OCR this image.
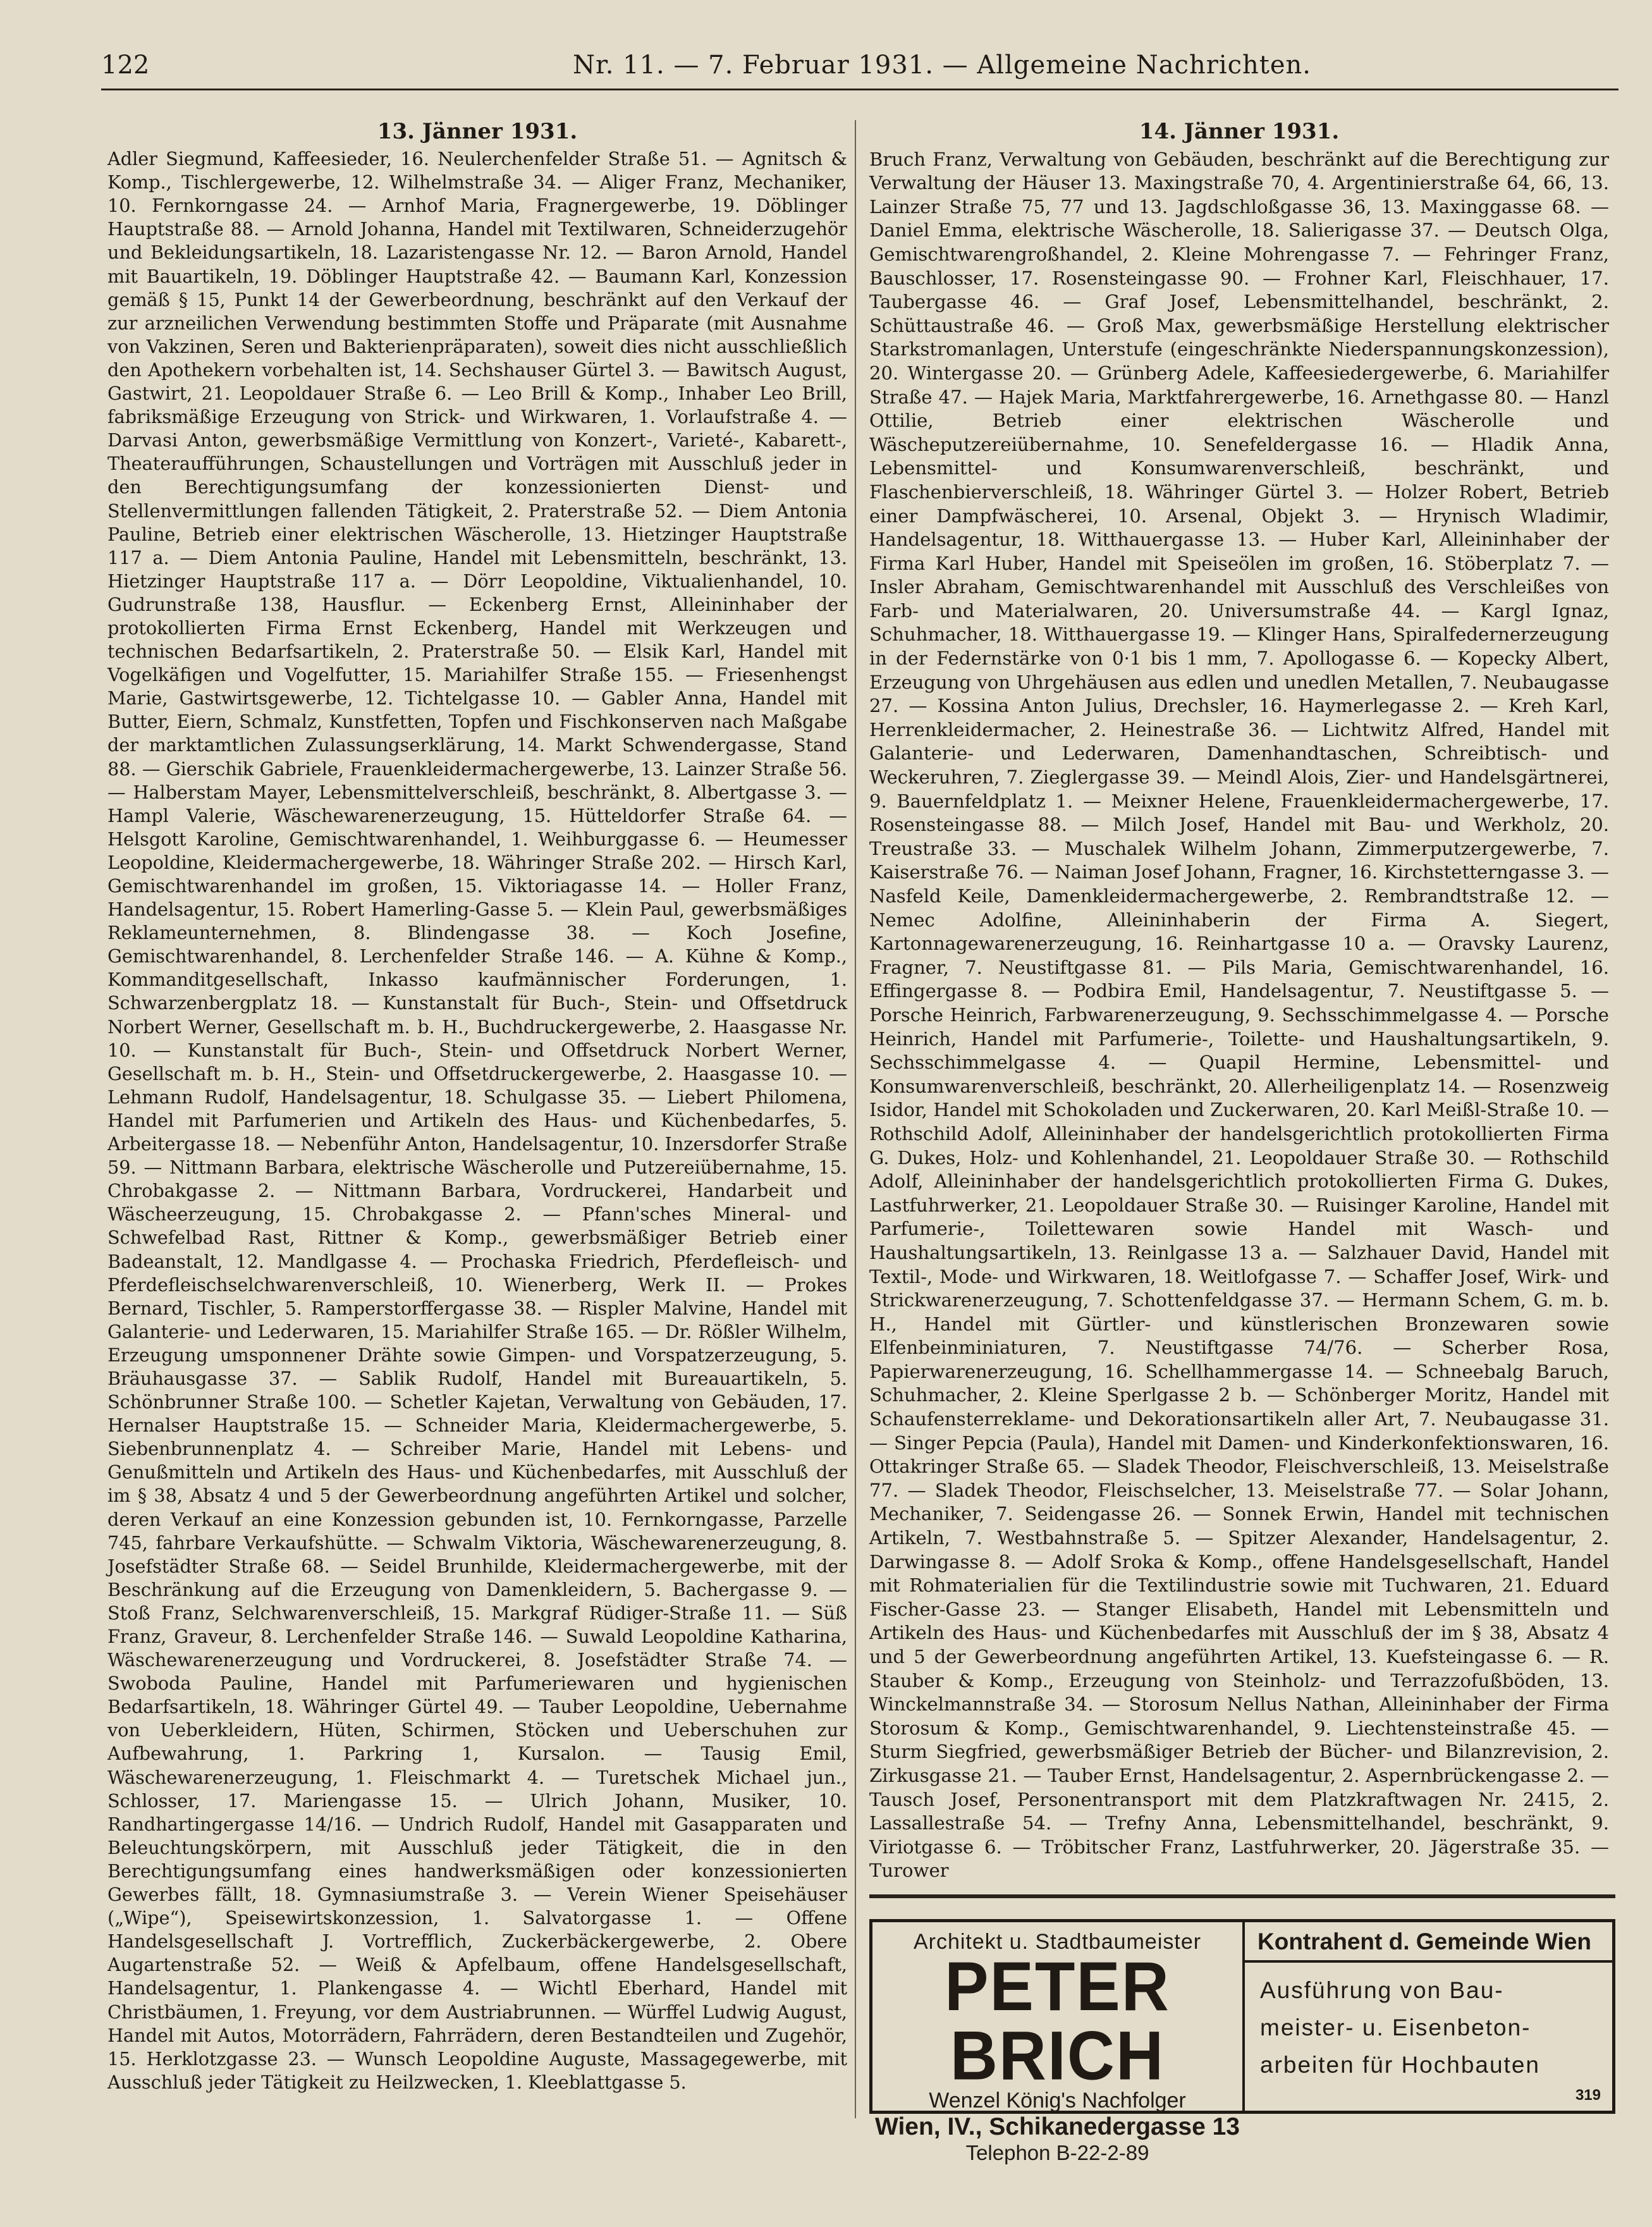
122	Nr. 11. — 7. Februar 1931. — Allgemeine Nachrichten.
13. Jänner 1931.

Adler Siegmund, Kaffeesieder, 16. Neulerchenfelder Straße 51. — Agnitsch & Komp., Tischlergewerbe, 12. Wilhelmstraße 34. — Aliger Franz, Mechaniker, 10. Fernkorngasse 24. — Arnhof Maria, Fragnergewerbe, 19. Döblinger Hauptstraße 88. — Arnold Johanna, Handel mit Textilwaren, Schneiderzugehör und Bekleidungsartikeln, 18. Lazaristengasse Nr. 12. — Baron Arnold, Handel mit Bauartikeln, 19. Döblinger Hauptstraße 42. — Baumann Karl, Konzession gemäß § 15, Punkt 14 der Gewerbeordnung, beschränkt auf den Verkauf der zur arzneilichen Verwendung bestimmten Stoffe und Präparate (mit Ausnahme von Vakzinen, Seren und Bakterienpräparaten), soweit dies nicht ausschließlich den Apothekern vorbehalten ist, 14. Sechshauser Gürtel 3. — Bawitsch August, Gastwirt, 21. Leopoldauer Straße 6. — Leo Brill & Komp., Inhaber Leo Brill, fabriksmäßige Erzeugung von Strick- und Wirkwaren, 1. Vorlaufstraße 4. — Darvasi Anton, gewerbsmäßige Vermittlung von Konzert-, Varieté-, Kabarett-, Theateraufführungen, Schaustellungen und Vorträgen mit Ausschluß jeder in den Berechtigungsumfang der konzessionierten Dienst- und Stellenvermittlungen fallenden Tätigkeit, 2. Praterstraße 52. — Diem Antonia Pauline, Betrieb einer elektrischen Wäscherolle, 13. Hietzinger Hauptstraße 117 a. — Diem Antonia Pauline, Handel mit Lebensmitteln, beschränkt, 13. Hietzinger Hauptstraße 117 a. — Dörr Leopoldine, Viktualienhandel, 10. Gudrunstraße 138, Hausflur. — Eckenberg Ernst, Alleininhaber der protokollierten Firma Ernst Eckenberg, Handel mit Werkzeugen und technischen Bedarfsartikeln, 2. Praterstraße 50. — Elsik Karl, Handel mit Vogelkäfigen und Vogelfutter, 15. Mariahilfer Straße 155. — Friesenhengst Marie, Gastwirtsgewerbe, 12. Tichtelgasse 10. — Gabler Anna, Handel mit Butter, Eiern, Schmalz, Kunstfetten, Topfen und Fischkonserven nach Maßgabe der marktamtlichen Zulassungserklärung, 14. Markt Schwendergasse, Stand 88. — Gierschik Gabriele, Frauenkleidermachergewerbe, 13. Lainzer Straße 56. — Halberstam Mayer, Lebensmittelverschleiß, beschränkt, 8. Albertgasse 3. — Hampl Valerie, Wäschewarenerzeugung, 15. Hütteldorfer Straße 64. — Helsgott Karoline, Gemischtwarenhandel, 1. Weihburggasse 6. — Heumesser Leopoldine, Kleidermachergewerbe, 18. Währinger Straße 202. — Hirsch Karl, Gemischtwarenhandel im großen, 15. Viktoriagasse 14. — Holler Franz, Handelsagentur, 15. Robert Hamerling-Gasse 5. — Klein Paul, gewerbsmäßiges Reklameunternehmen, 8. Blindengasse 38. — Koch Josefine, Gemischtwarenhandel, 8. Lerchenfelder Straße 146. — A. Kühne & Komp., Kommanditgesellschaft, Inkasso kaufmännischer Forderungen, 1. Schwarzenbergplatz 18. — Kunstanstalt für Buch-, Stein- und Offsetdruck Norbert Werner, Gesellschaft m. b. H., Buchdruckergewerbe, 2. Haasgasse Nr. 10. — Kunstanstalt für Buch-, Stein- und Offsetdruck Norbert Werner, Gesellschaft m. b. H., Stein- und Offsetdruckergewerbe, 2. Haasgasse 10. — Lehmann Rudolf, Handelsagentur, 18. Schulgasse 35. — Liebert Philomena, Handel mit Parfumerien und Artikeln des Haus- und Küchenbedarfes, 5. Arbeitergasse 18. — Nebenführ Anton, Handelsagentur, 10. Inzersdorfer Straße 59. — Nittmann Barbara, elektrische Wäscherolle und Putzereiübernahme, 15. Chrobakgasse 2. — Nittmann Barbara, Vordruckerei, Handarbeit und Wäscheerzeugung, 15. Chrobakgasse 2. — Pfann'sches Mineral- und Schwefelbad Rast, Rittner & Komp., gewerbsmäßiger Betrieb einer Badeanstalt, 12. Mandlgasse 4. — Prochaska Friedrich, Pferdefleisch- und Pferdefleischselchwarenverschleiß, 10. Wienerberg, Werk II. — Prokes Bernard, Tischler, 5. Ramperstorffergasse 38. — Rispler Malvine, Handel mit Galanterie- und Lederwaren, 15. Mariahilfer Straße 165. — Dr. Rößler Wilhelm, Erzeugung umsponnener Drähte sowie Gimpen- und Vorspatzerzeugung, 5. Bräuhausgasse 37. — Sablik Rudolf, Handel mit Bureauartikeln, 5. Schönbrunner Straße 100. — Schetler Kajetan, Verwaltung von Gebäuden, 17. Hernalser Hauptstraße 15. — Schneider Maria, Kleidermachergewerbe, 5. Siebenbrunnenplatz 4. — Schreiber Marie, Handel mit Lebens- und Genußmitteln und Artikeln des Haus- und Küchenbedarfes, mit Ausschluß der im § 38, Absatz 4 und 5 der Gewerbeordnung angeführten Artikel und solcher, deren Verkauf an eine Konzession gebunden ist, 10. Fernkorngasse, Parzelle 745, fahrbare Verkaufshütte. — Schwalm Viktoria, Wäschewarenerzeugung, 8. Josefstädter Straße 68. — Seidel Brunhilde, Kleidermachergewerbe, mit der Beschränkung auf die Erzeugung von Damenkleidern, 5. Bachergasse 9. — Stoß Franz, Selchwarenverschleiß, 15. Markgraf Rüdiger-Straße 11. — Süß Franz, Graveur, 8. Lerchenfelder Straße 146. — Suwald Leopoldine Katharina, Wäschewarenerzeugung und Vordruckerei, 8. Josefstädter Straße 74. — Swoboda Pauline, Handel mit Parfumeriewaren und hygienischen Bedarfsartikeln, 18. Währinger Gürtel 49. — Tauber Leopoldine, Uebernahme von Ueberkleidern, Hüten, Schirmen, Stöcken und Ueberschuhen zur Aufbewahrung, 1. Parkring 1, Kursalon. — Tausig Emil, Wäschewarenerzeugung, 1. Fleischmarkt 4. — Turetschek Michael jun., Schlosser, 17. Mariengasse 15. — Ulrich Johann, Musiker, 10. Randhartingergasse 14/16. — Undrich Rudolf, Handel mit Gasapparaten und Beleuchtungskörpern, mit Ausschluß jeder Tätigkeit, die in den Berechtigungsumfang eines handwerksmäßigen oder konzessionierten Gewerbes fällt, 18. Gymnasiumstraße 3. — Verein Wiener Speisehäuser („Wipe“), Speisewirtskonzession, 1. Salvatorgasse 1. — Offene Handelsgesellschaft J. Vortrefflich, Zuckerbäckergewerbe, 2. Obere Augartenstraße 52. — Weiß & Apfelbaum, offene Handelsgesellschaft, Handelsagentur, 1. Plankengasse 4. — Wichtl Eberhard, Handel mit Christbäumen, 1. Freyung, vor dem Austriabrunnen. — Würffel Ludwig August, Handel mit Autos, Motorrädern, Fahrrädern, deren Bestandteilen und Zugehör, 15. Herklotzgasse 23. — Wunsch Leopoldine Auguste, Massagegewerbe, mit Ausschluß jeder Tätigkeit zu Heilzwecken, 1. Kleeblattgasse 5.

14. Jänner 1931.

Bruch Franz, Verwaltung von Gebäuden, beschränkt auf die Berechtigung zur Verwaltung der Häuser 13. Maxingstraße 70, 4. Argentinierstraße 64, 66, 13. Lainzer Straße 75, 77 und 13. Jagdschloßgasse 36, 13. Maxinggasse 68. — Daniel Emma, elektrische Wäscherolle, 18. Salierigasse 37. — Deutsch Olga, Gemischtwarengroßhandel, 2. Kleine Mohrengasse 7. — Fehringer Franz, Bauschlosser, 17. Rosensteingasse 90. — Frohner Karl, Fleischhauer, 17. Taubergasse 46. — Graf Josef, Lebensmittelhandel, beschränkt, 2. Schüttaustraße 46. — Groß Max, gewerbsmäßige Herstellung elektrischer Starkstromanlagen, Unterstufe (eingeschränkte Niederspannungskonzession), 20. Wintergasse 20. — Grünberg Adele, Kaffeesiedergewerbe, 6. Mariahilfer Straße 47. — Hajek Maria, Marktfahrergewerbe, 16. Arnethgasse 80. — Hanzl Ottilie, Betrieb einer elektrischen Wäscherolle und Wäscheputzereiübernahme, 10. Senefeldergasse 16. — Hladik Anna, Lebensmittel- und Konsumwarenverschleiß, beschränkt, und Flaschenbierverschleiß, 18. Währinger Gürtel 3. — Holzer Robert, Betrieb einer Dampfwäscherei, 10. Arsenal, Objekt 3. — Hrynisch Wladimir, Handelsagentur, 18. Witthauergasse 13. — Huber Karl, Alleininhaber der Firma Karl Huber, Handel mit Speiseölen im großen, 16. Stöberplatz 7. — Insler Abraham, Gemischtwarenhandel mit Ausschluß des Verschleißes von Farb- und Materialwaren, 20. Universumstraße 44. — Kargl Ignaz, Schuhmacher, 18. Witthauergasse 19. — Klinger Hans, Spiralfedernerzeugung in der Federnstärke von 0·1 bis 1 mm, 7. Apollogasse 6. — Kopecky Albert, Erzeugung von Uhrgehäusen aus edlen und unedlen Metallen, 7. Neubaugasse 27. — Kossina Anton Julius, Drechsler, 16. Haymerlegasse 2. — Kreh Karl, Herrenkleidermacher, 2. Heinestraße 36. — Lichtwitz Alfred, Handel mit Galanterie- und Lederwaren, Damenhandtaschen, Schreibtisch- und Weckeruhren, 7. Zieglergasse 39. — Meindl Alois, Zier- und Handelsgärtnerei, 9. Bauernfeldplatz 1. — Meixner Helene, Frauenkleidermachergewerbe, 17. Rosensteingasse 88. — Milch Josef, Handel mit Bau- und Werkholz, 20. Treustraße 33. — Muschalek Wilhelm Johann, Zimmerputzergewerbe, 7. Kaiserstraße 76. — Naiman Josef Johann, Fragner, 16. Kirchstetterngasse 3. — Nasfeld Keile, Damenkleidermachergewerbe, 2. Rembrandtstraße 12. — Nemec Adolfine, Alleininhaberin der Firma A. Siegert, Kartonnagewarenerzeugung, 16. Reinhartgasse 10 a. — Oravsky Laurenz, Fragner, 7. Neustiftgasse 81. — Pils Maria, Gemischtwarenhandel, 16. Effingergasse 8. — Podbira Emil, Handelsagentur, 7. Neustiftgasse 5. — Porsche Heinrich, Farbwarenerzeugung, 9. Sechsschimmelgasse 4. — Porsche Heinrich, Handel mit Parfumerie-, Toilette- und Haushaltungsartikeln, 9. Sechsschimmelgasse 4. — Quapil Hermine, Lebensmittel- und Konsumwarenverschleiß, beschränkt, 20. Allerheiligenplatz 14. — Rosenzweig Isidor, Handel mit Schokoladen und Zuckerwaren, 20. Karl Meißl-Straße 10. — Rothschild Adolf, Alleininhaber der handelsgerichtlich protokollierten Firma G. Dukes, Holz- und Kohlenhandel, 21. Leopoldauer Straße 30. — Rothschild Adolf, Alleininhaber der handelsgerichtlich protokollierten Firma G. Dukes, Lastfuhrwerker, 21. Leopoldauer Straße 30. — Ruisinger Karoline, Handel mit Parfumerie-, Toilettewaren sowie Handel mit Wasch- und Haushaltungsartikeln, 13. Reinlgasse 13 a. — Salzhauer David, Handel mit Textil-, Mode- und Wirkwaren, 18. Weitlofgasse 7. — Schaffer Josef, Wirk- und Strickwarenerzeugung, 7. Schottenfeldgasse 37. — Hermann Schem, G. m. b. H., Handel mit Gürtler- und künstlerischen Bronzewaren sowie Elfenbeinminiaturen, 7. Neustiftgasse 74/76. — Scherber Rosa, Papierwarenerzeugung, 16. Schellhammergasse 14. — Schneebalg Baruch, Schuhmacher, 2. Kleine Sperlgasse 2 b. — Schönberger Moritz, Handel mit Schaufensterreklame- und Dekorationsartikeln aller Art, 7. Neubaugasse 31. — Singer Pepcia (Paula), Handel mit Damen- und Kinderkonfektionswaren, 16. Ottakringer Straße 65. — Sladek Theodor, Fleischverschleiß, 13. Meiselstraße 77. — Sladek Theodor, Fleischselcher, 13. Meiselstraße 77. — Solar Johann, Mechaniker, 7. Seidengasse 26. — Sonnek Erwin, Handel mit technischen Artikeln, 7. Westbahnstraße 5. — Spitzer Alexander, Handelsagentur, 2. Darwingasse 8. — Adolf Sroka & Komp., offene Handelsgesellschaft, Handel mit Rohmaterialien für die Textilindustrie sowie mit Tuchwaren, 21. Eduard Fischer-Gasse 23. — Stanger Elisabeth, Handel mit Lebensmitteln und Artikeln des Haus- und Küchenbedarfes mit Ausschluß der im § 38, Absatz 4 und 5 der Gewerbeordnung angeführten Artikel, 13. Kuefsteingasse 6. — R. Stauber & Komp., Erzeugung von Steinholz- und Terrazzofußböden, 13. Winckelmannstraße 34. — Storosum Nellus Nathan, Alleininhaber der Firma Storosum & Komp., Gemischtwarenhandel, 9. Liechtensteinstraße 45. — Sturm Siegfried, gewerbsmäßiger Betrieb der Bücher- und Bilanzrevision, 2. Zirkusgasse 21. — Tauber Ernst, Handelsagentur, 2. Aspernbrückengasse 2. — Tausch Josef, Personentransport mit dem Platzkraftwagen Nr. 2415, 2. Lassallestraße 54. — Trefny Anna, Lebensmittelhandel, beschränkt, 9. Viriotgasse 6. — Tröbitscher Franz, Lastfuhrwerker, 20. Jägerstraße 35. — Turower

Architekt u. Stadtbaumeister
PETER BRICH
Wenzel König's Nachfolger
Wien, IV., Schikanedergasse 13
Telephon B-22-2-89
Kontrahent d. Gemeinde Wien
Ausführung von Bau-
meister- u. Eisenbeton-
arbeiten für Hochbauten
319
